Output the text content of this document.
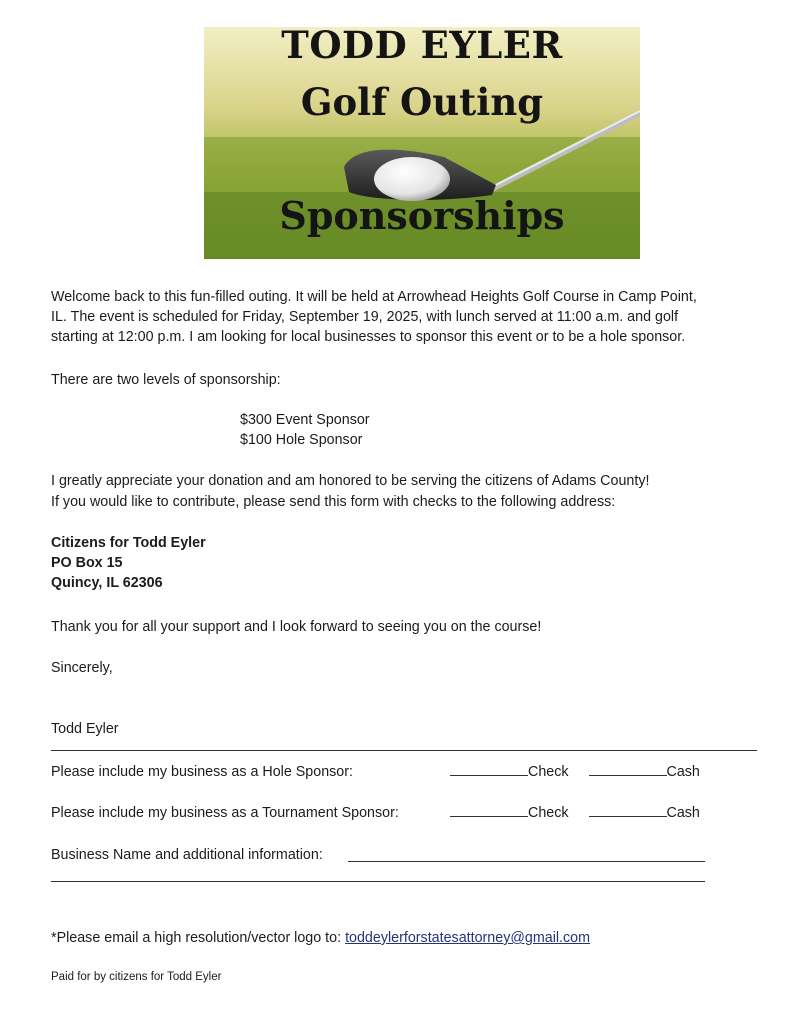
TODD EYLER
Golf Outing
Sponsorships
Welcome back to this fun-filled outing. It will be held at Arrowhead Heights Golf Course in Camp Point,
IL. The event is scheduled for Friday, September 19, 2025, with lunch served at 11:00 a.m. and golf
starting at 12:00 p.m. I am looking for local businesses to sponsor this event or to be a hole sponsor.
There are two levels of sponsorship:
$300 Event Sponsor
$100 Hole Sponsor
I greatly appreciate your donation and am honored to be serving the citizens of Adams County!
If you would like to contribute, please send this form with checks to the following address:
Citizens for Todd Eyler
PO Box 15
Quincy, IL 62306
Thank you for all your support and I look forward to seeing you on the course!
Sincerely,
Todd Eyler
Please include my business as a Hole Sponsor:	Check	Cash
Please include my business as a Tournament Sponsor:	Check	Cash
Business Name and additional information:
*Please email a high resolution/vector logo to: toddeylerforstatesattorney@gmail.com
Paid for by citizens for Todd Eyler
